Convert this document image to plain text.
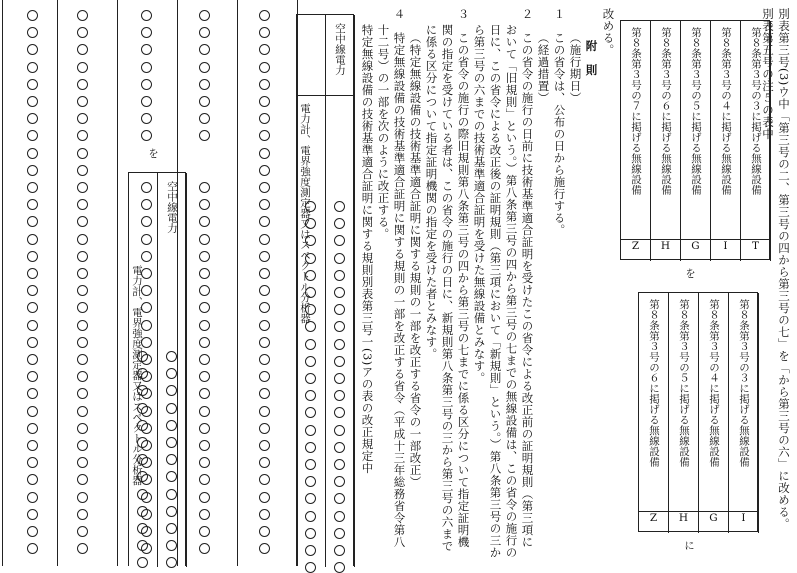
別表第三号(3)ウ中「第三号の二、第三号の四から第三号の七」を「から第三号の六」に改める。
別表第五号の注５の表中
第８条第３号の３に掲げる無線設備
T
第８条第３号の４に掲げる無線設備
I
第８条第３号の５に掲げる無線設備
G
第８条第３号の６に掲げる無線設備
H
第８条第３号の７に掲げる無線設備
Z
を
第８条第３号の３に掲げる無線設備
I
第８条第３号の４に掲げる無線設備
G
第８条第３号の５に掲げる無線設備
H
第８条第３号の６に掲げる無線設備
Z
に
改める。
附　則
（施行期日）
１
この省令は、公布の日から施行する。
（経過措置）
２
この省令の施行の日前に技術基準適合証明を受けたこの省令による改正前の証明規則（第三項に
おいて「旧規則」という。）第八条第三号の四から第三号の七までの無線設備は、この省令の施行の
日に、この省令による改正後の証明規則（第三項において「新規則」という。）第八条第三号の三か
ら第三号の六までの技術基準適合証明を受けた無線設備とみなす。
３
この省令の施行の際旧規則第八条第三号の四から第三号の七までに係る区分について指定証明機
関の指定を受けている者は、この省令の施行の日に、新規則第八条第三号の三から第三号の六まで
に係る区分について指定証明機関の指定を受けた者とみなす。
（特定無線設備の技術基準適合証明に関する規則の一部を改正する省令の一部改正）
４
特定無線設備の技術基準適合証明に関する規則の一部を改正する省令（平成十三年総務省令第八
十二号）の一部を次のように改正する。
特定無線設備の技術基準適合証明に関する規則別表第三号一(3)アの表の改正規定中
空中線電力
電力計、電界強度測定器又はスペクトル分析器
を
空中線電力
電力計、電界強度測定器又はスペクトル分析器
